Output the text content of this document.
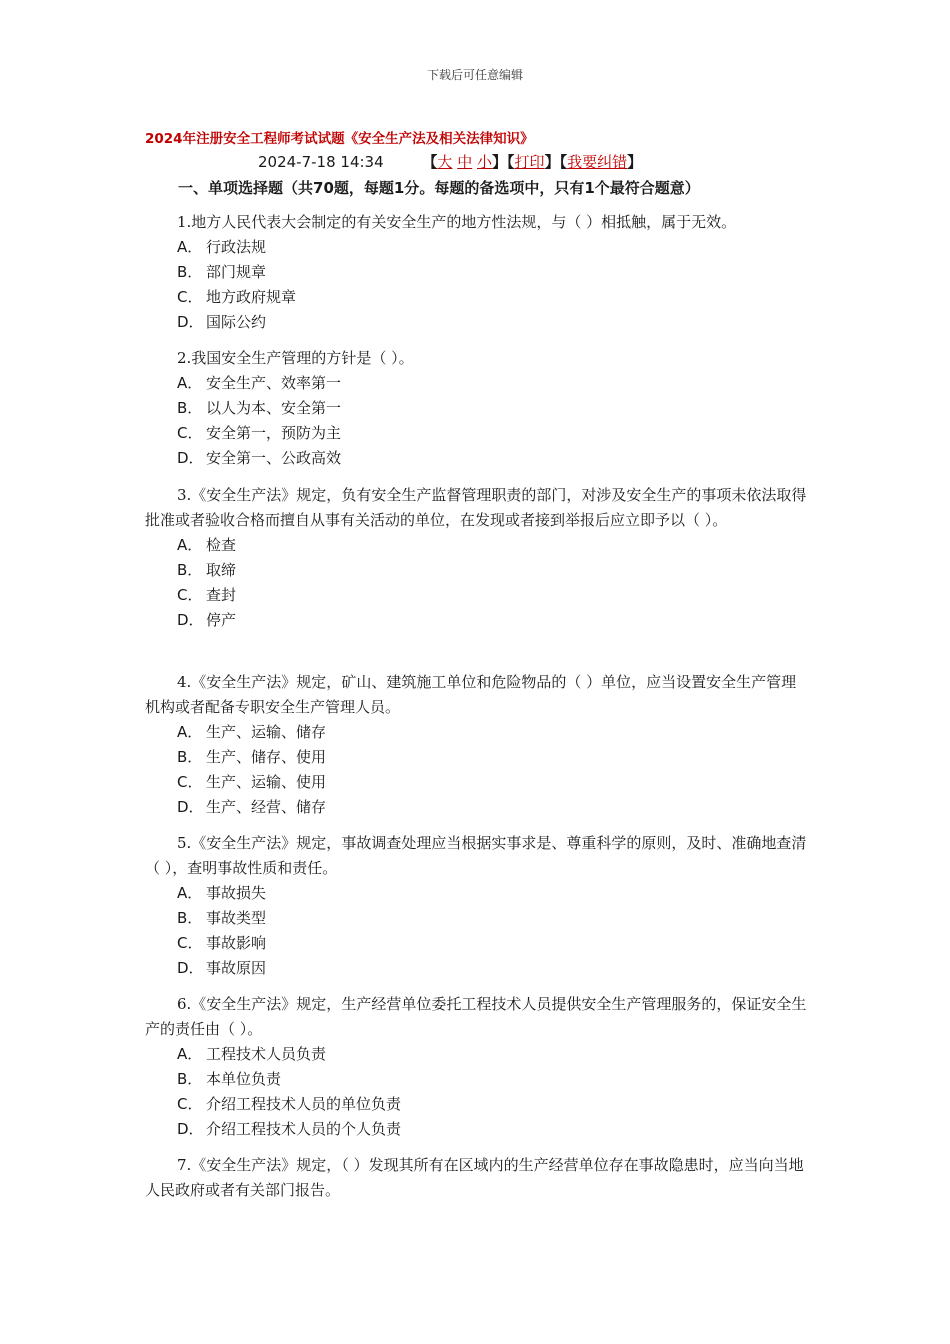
下载后可任意编辑
2024年注册安全工程师考试试题《安全生产法及相关法律知识》
2024-7-18 14:34	【大 中 小】【打印】【我要纠错】
一、单项选择题（共70题，每题1分。每题的备选项中，只有1个最符合题意）

1.地方人民代表大会制定的有关安全生产的地方性法规，与（ ）相抵触，属于无效。

A． 行政法规

B． 部门规章

C． 地方政府规章

D． 国际公约

2.我国安全生产管理的方针是（ ）。

A． 安全生产、效率第一

B． 以人为本、安全第一

C． 安全第一，预防为主

D． 安全第一、公政高效

3.《安全生产法》规定，负有安全生产监督管理职责的部门，对涉及安全生产的事项未依法取得批准或者验收合格而擅自从事有关活动的单位，在发现或者接到举报后应立即予以（ ）。

A． 检查

B． 取缔

C． 查封

D． 停产

4.《安全生产法》规定，矿山、建筑施工单位和危险物品的（ ）单位，应当设置安全生产管理机构或者配备专职安全生产管理人员。

A． 生产、运输、储存

B． 生产、储存、使用

C． 生产、运输、使用

D． 生产、经营、储存

5.《安全生产法》规定，事故调查处理应当根据实事求是、尊重科学的原则，及时、准确地查清（ ），查明事故性质和责任。

A． 事故损失

B． 事故类型

C． 事故影响

D． 事故原因

6.《安全生产法》规定，生产经营单位委托工程技术人员提供安全生产管理服务的，保证安全生产的责任由（ ）。

A． 工程技术人员负责

B． 本单位负责

C． 介绍工程技术人员的单位负责

D． 介绍工程技术人员的个人负责

7.《安全生产法》规定，（ ）发现其所有在区域内的生产经营单位存在事故隐患时，应当向当地人民政府或者有关部门报告。
